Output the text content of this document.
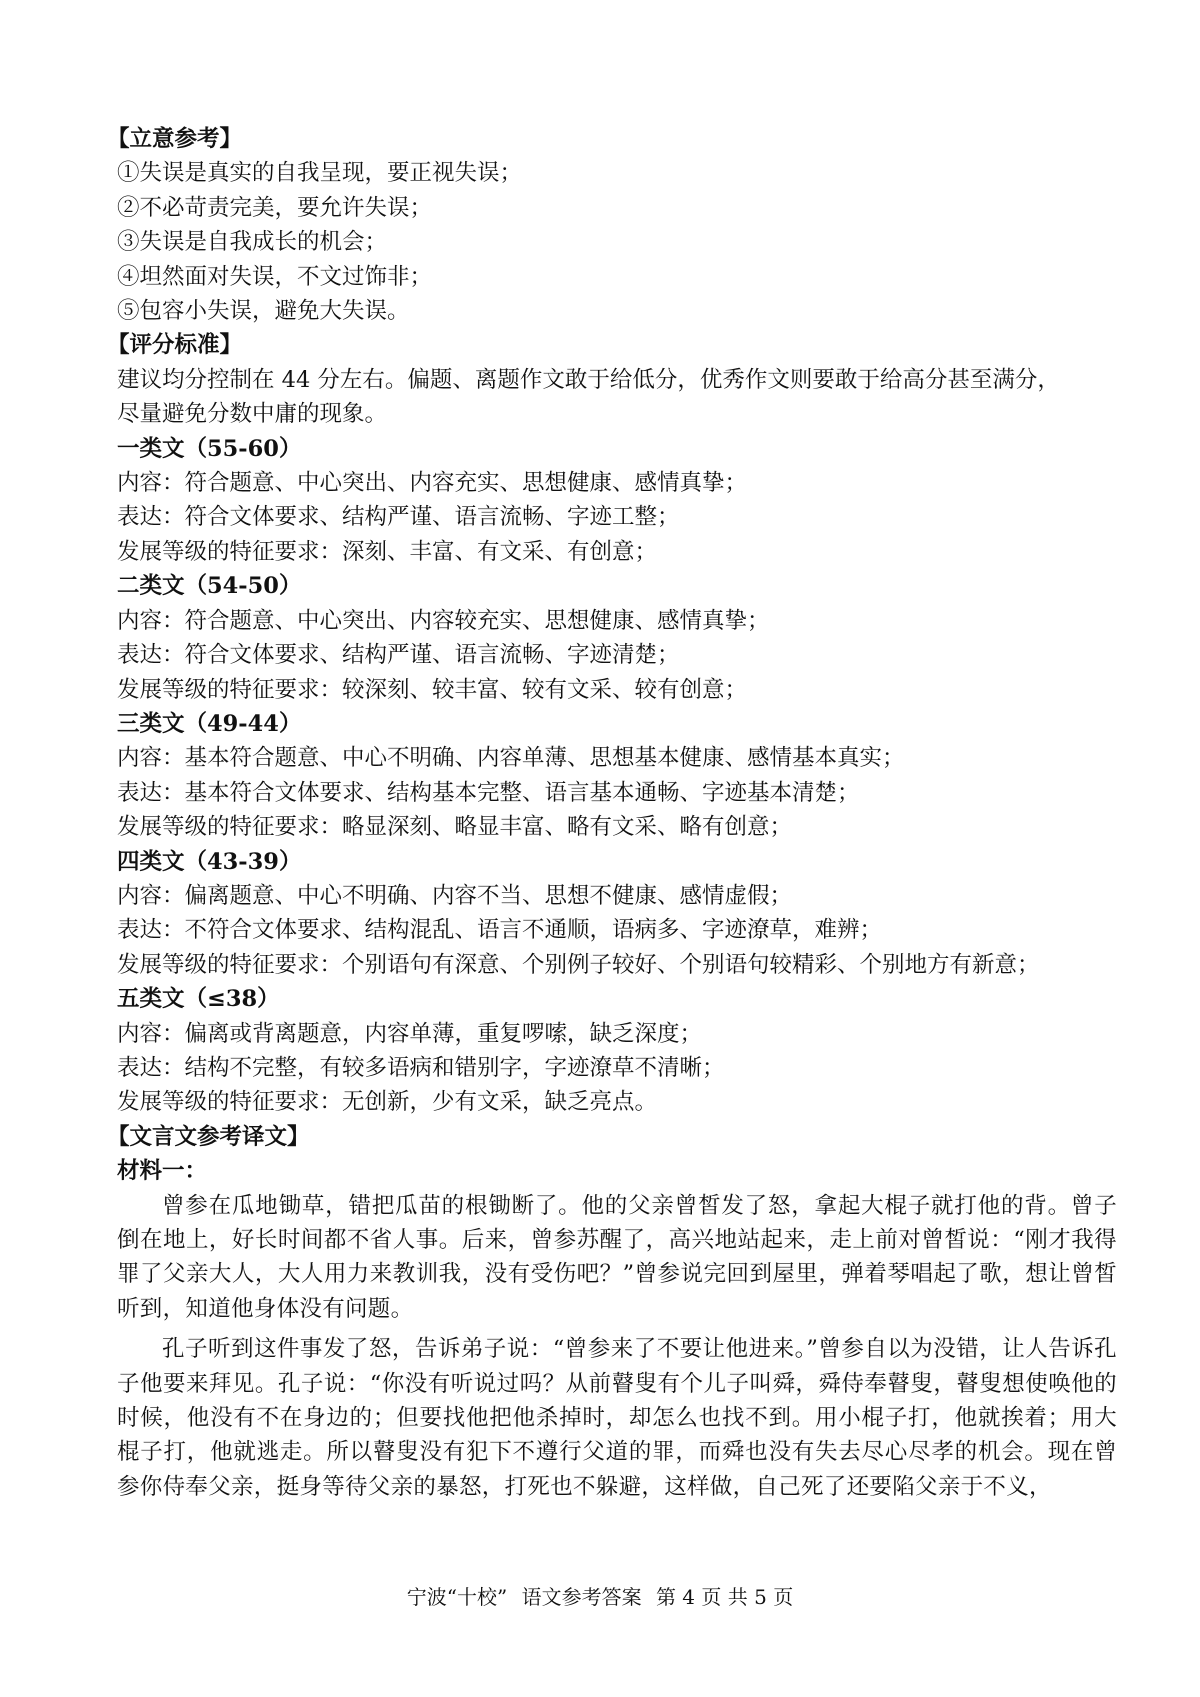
【立意参考】

①失误是真实的自我呈现，要正视失误；

②不必苛责完美，要允许失误；

③失误是自我成长的机会；

④坦然面对失误，不文过饰非；

⑤包容小失误，避免大失误。

【评分标准】

建议均分控制在 44 分左右。偏题、离题作文敢于给低分，优秀作文则要敢于给高分甚至满分，

尽量避免分数中庸的现象。

一类文（55-60）

内容：符合题意、中心突出、内容充实、思想健康、感情真挚；

表达：符合文体要求、结构严谨、语言流畅、字迹工整；

发展等级的特征要求：深刻、丰富、有文采、有创意；

二类文（54-50）

内容：符合题意、中心突出、内容较充实、思想健康、感情真挚；

表达：符合文体要求、结构严谨、语言流畅、字迹清楚；

发展等级的特征要求：较深刻、较丰富、较有文采、较有创意；

三类文（49-44）

内容：基本符合题意、中心不明确、内容单薄、思想基本健康、感情基本真实；

表达：基本符合文体要求、结构基本完整、语言基本通畅、字迹基本清楚；

发展等级的特征要求：略显深刻、略显丰富、略有文采、略有创意；

四类文（43-39）

内容：偏离题意、中心不明确、内容不当、思想不健康、感情虚假；

表达：不符合文体要求、结构混乱、语言不通顺，语病多、字迹潦草，难辨；

发展等级的特征要求：个别语句有深意、个别例子较好、个别语句较精彩、个别地方有新意；

五类文（≤38）

内容：偏离或背离题意，内容单薄，重复啰嗦，缺乏深度；

表达：结构不完整，有较多语病和错别字，字迹潦草不清晰；

发展等级的特征要求：无创新，少有文采，缺乏亮点。

【文言文参考译文】

材料一：

曾参在瓜地锄草，错把瓜苗的根锄断了。他的父亲曾皙发了怒，拿起大棍子就打他的背。曾子倒在地上，好长时间都不省人事。后来，曾参苏醒了，高兴地站起来，走上前对曾皙说：“刚才我得罪了父亲大人，大人用力来教训我，没有受伤吧？”曾参说完回到屋里，弹着琴唱起了歌，想让曾皙听到，知道他身体没有问题。

孔子听到这件事发了怒，告诉弟子说：“曾参来了不要让他进来。”曾参自以为没错，让人告诉孔子他要来拜见。孔子说：“你没有听说过吗？从前瞽叟有个儿子叫舜，舜侍奉瞽叟，瞽叟想使唤他的时候，他没有不在身边的；但要找他把他杀掉时，却怎么也找不到。用小棍子打，他就挨着；用大棍子打，他就逃走。所以瞽叟没有犯下不遵行父道的罪，而舜也没有失去尽心尽孝的机会。现在曾参你侍奉父亲，挺身等待父亲的暴怒，打死也不躲避，这样做，自己死了还要陷父亲于不义，

宁波“十校” 语文参考答案 第 4 页 共 5 页
